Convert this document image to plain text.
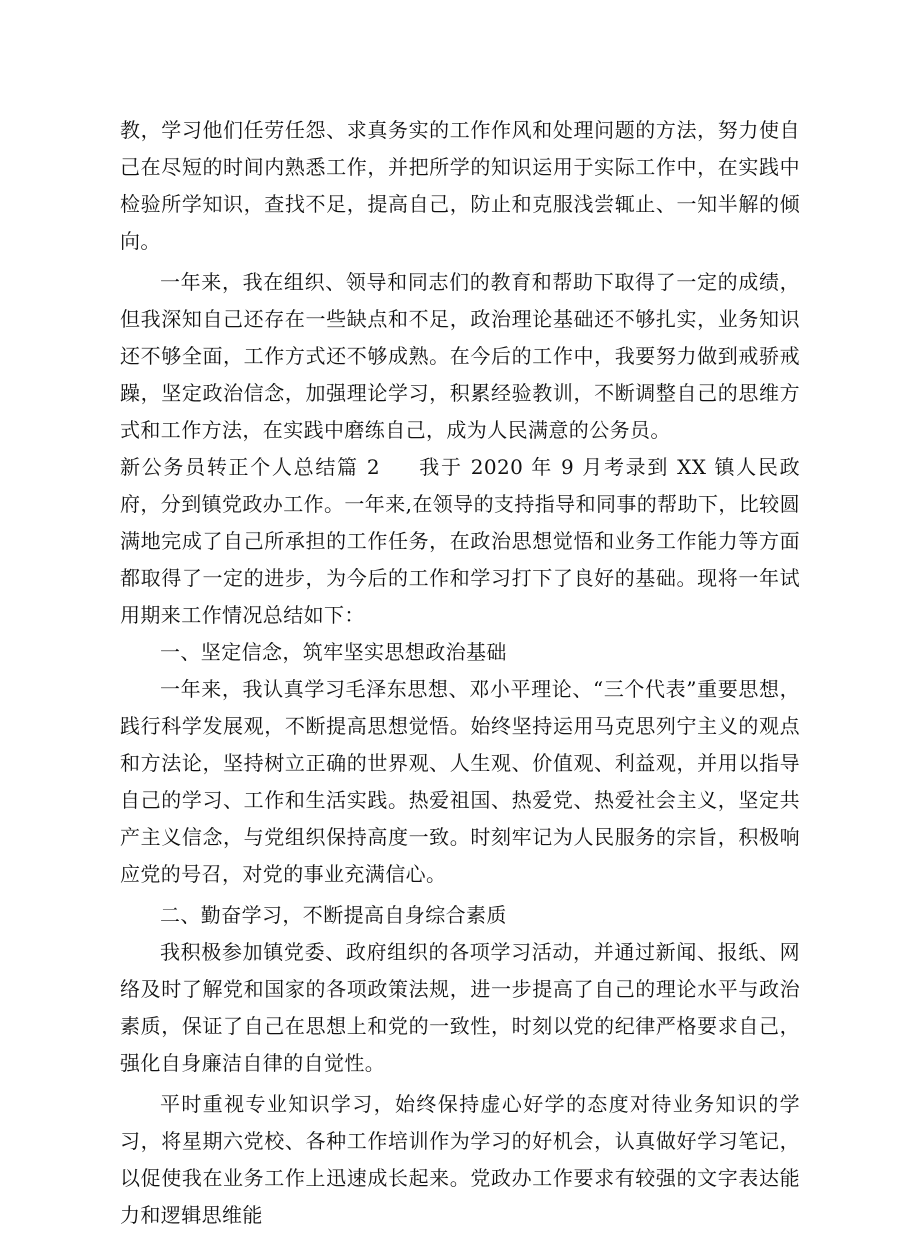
教，学习他们任劳任怨、求真务实的工作作风和处理问题的方法，努力使自己在尽短的时间内熟悉工作，并把所学的知识运用于实际工作中，在实践中检验所学知识，查找不足，提高自己，防止和克服浅尝辄止、一知半解的倾向。

一年来，我在组织、领导和同志们的教育和帮助下取得了一定的成绩，但我深知自己还存在一些缺点和不足，政治理论基础还不够扎实，业务知识还不够全面，工作方式还不够成熟。在今后的工作中，我要努力做到戒骄戒躁，坚定政治信念，加强理论学习，积累经验教训，不断调整自己的思维方式和工作方法，在实践中磨练自己，成为人民满意的公务员。

新公务员转正个人总结篇 2 我于 2020 年 9 月考录到 XX 镇人民政府，分到镇党政办工作。一年来,在领导的支持指导和同事的帮助下，比较圆满地完成了自己所承担的工作任务，在政治思想觉悟和业务工作能力等方面都取得了一定的进步，为今后的工作和学习打下了良好的基础。现将一年试用期来工作情况总结如下：

一、坚定信念，筑牢坚实思想政治基础

一年来，我认真学习毛泽东思想、邓小平理论、“三个代表”重要思想，践行科学发展观，不断提高思想觉悟。始终坚持运用马克思列宁主义的观点和方法论，坚持树立正确的世界观、人生观、价值观、利益观，并用以指导自己的学习、工作和生活实践。热爱祖国、热爱党、热爱社会主义，坚定共产主义信念，与党组织保持高度一致。时刻牢记为人民服务的宗旨，积极响应党的号召，对党的事业充满信心。

二、勤奋学习，不断提高自身综合素质

我积极参加镇党委、政府组织的各项学习活动，并通过新闻、报纸、网络及时了解党和国家的各项政策法规，进一步提高了自己的理论水平与政治素质，保证了自己在思想上和党的一致性，时刻以党的纪律严格要求自己，强化自身廉洁自律的自觉性。

平时重视专业知识学习，始终保持虚心好学的态度对待业务知识的学习，将星期六党校、各种工作培训作为学习的好机会，认真做好学习笔记，以促使我在业务工作上迅速成长起来。党政办工作要求有较强的文字表达能力和逻辑思维能
